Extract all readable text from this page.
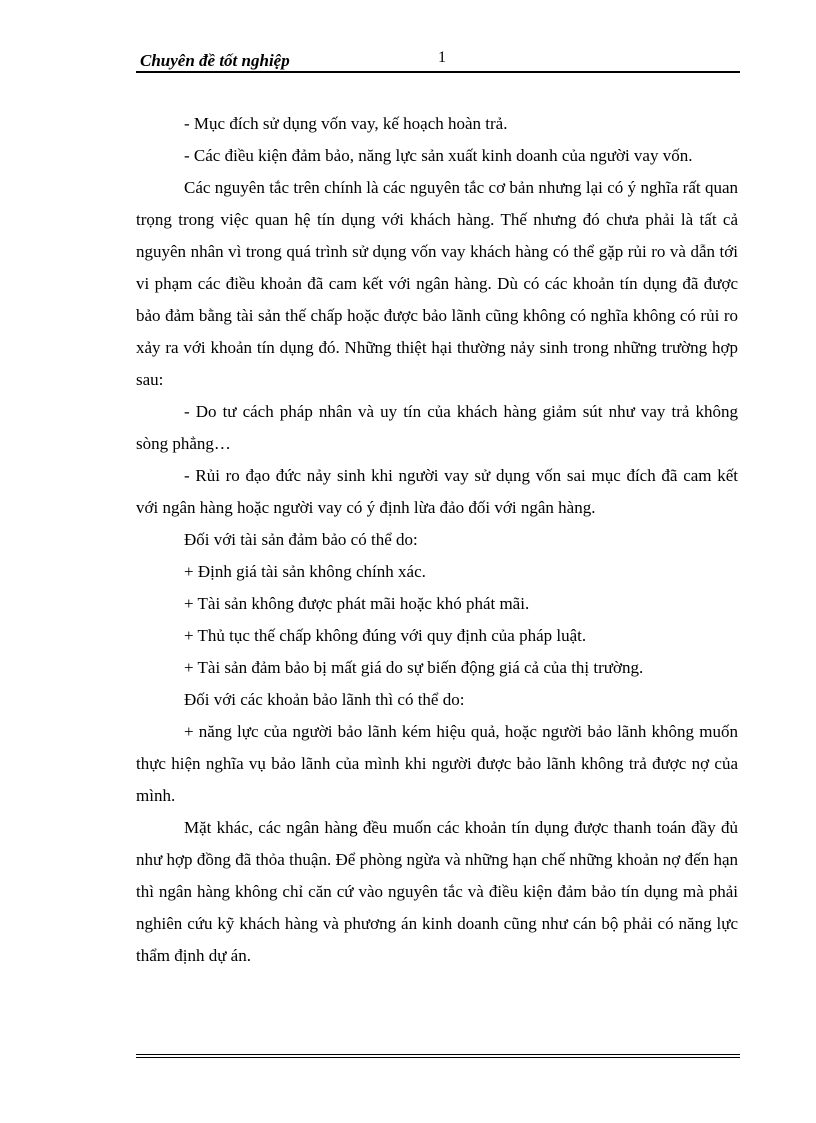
Chuyên đề tốt nghiệp	1

- Mục đích sử dụng vốn vay, kế hoạch hoàn trả.

- Các điều kiện đảm bảo, năng lực sản xuất kinh doanh của người vay vốn.

Các nguyên tắc trên chính là các nguyên tắc cơ bản nhưng lại có ý nghĩa rất quan trọng trong việc quan hệ tín dụng với khách hàng. Thế nhưng đó chưa phải là tất cả nguyên nhân vì trong quá trình sử dụng vốn vay khách hàng có thể gặp rủi ro và dẫn tới vi phạm các điều khoản đã cam kết với ngân hàng. Dù có các khoản tín dụng đã được bảo đảm bằng tài sản thế chấp hoặc được bảo lãnh cũng không có nghĩa không có rủi ro xảy ra với khoản tín dụng đó. Những thiệt hại thường nảy sinh trong những trường hợp sau:

- Do tư cách pháp nhân và uy tín của khách hàng giảm sút như vay trả không sòng phẳng…

- Rủi ro đạo đức nảy sinh khi người vay sử dụng vốn sai mục đích đã cam kết với ngân hàng hoặc người vay có ý định lừa đảo đối với ngân hàng.

Đối với tài sản đảm bảo có thể do:

+ Định giá tài sản không chính xác.

+ Tài sản không được phát mãi hoặc khó phát mãi.

+ Thủ tục thế chấp không đúng với quy định của pháp luật.

+ Tài sản đảm bảo bị mất giá do sự biến động giá cả của thị trường.

Đối với các khoản bảo lãnh thì có thể do:

+ năng lực của người bảo lãnh kém hiệu quả, hoặc người bảo lãnh không muốn thực hiện nghĩa vụ bảo lãnh của mình khi người được bảo lãnh không trả được nợ của mình.

Mặt khác, các ngân hàng đều muốn các khoản tín dụng được thanh toán đầy đủ như hợp đồng đã thỏa thuận. Để phòng ngừa và những hạn chế những khoản nợ đến hạn thì ngân hàng không chỉ căn cứ vào nguyên tắc và điều kiện đảm bảo tín dụng mà phải nghiên cứu kỹ khách hàng và phương án kinh doanh cũng như cán bộ phải có năng lực thẩm định dự án.
